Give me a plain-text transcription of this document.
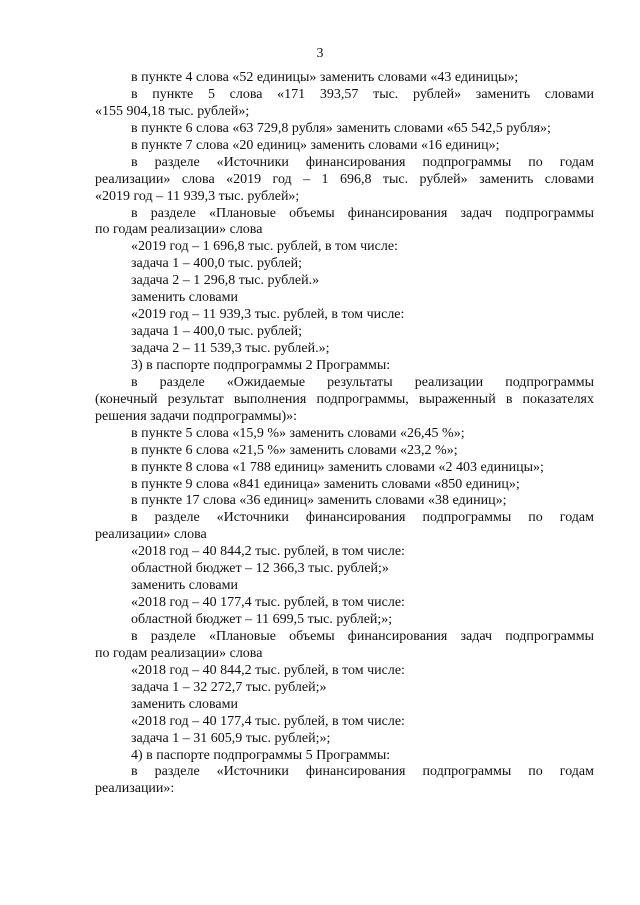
3
в пункте 4 слова «52 единицы» заменить словами «43 единицы»;
в пункте 5 слова «171 393,57 тыс. рублей» заменить словами
«155 904,18 тыс. рублей»;
в пункте 6 слова «63 729,8 рубля» заменить словами «65 542,5 рубля»;
в пункте 7 слова «20 единиц» заменить словами «16 единиц»;
в разделе «Источники финансирования подпрограммы по годам
реализации» слова «2019 год – 1 696,8 тыс. рублей» заменить словами
«2019 год – 11 939,3 тыс. рублей»;
в разделе «Плановые объемы финансирования задач подпрограммы
по годам реализации» слова
«2019 год – 1 696,8 тыс. рублей, в том числе:
задача 1 – 400,0 тыс. рублей;
задача 2 – 1 296,8 тыс. рублей.»
заменить словами
«2019 год – 11 939,3 тыс. рублей, в том числе:
задача 1 – 400,0 тыс. рублей;
задача 2 – 11 539,3 тыс. рублей.»;
3) в паспорте подпрограммы 2 Программы:
в разделе «Ожидаемые результаты реализации подпрограммы
(конечный результат выполнения подпрограммы, выраженный в показателях
решения задачи подпрограммы)»:
в пункте 5 слова «15,9 %» заменить словами «26,45 %»;
в пункте 6 слова «21,5 %» заменить словами «23,2 %»;
в пункте 8 слова «1 788 единиц» заменить словами «2 403 единицы»;
в пункте 9 слова «841 единица» заменить словами «850 единиц»;
в пункте 17 слова «36 единиц» заменить словами «38 единиц»;
в разделе «Источники финансирования подпрограммы по годам
реализации» слова
«2018 год – 40 844,2 тыс. рублей, в том числе:
областной бюджет – 12 366,3 тыс. рублей;»
заменить словами
«2018 год – 40 177,4 тыс. рублей, в том числе:
областной бюджет – 11 699,5 тыс. рублей;»;
в разделе «Плановые объемы финансирования задач подпрограммы
по годам реализации» слова
«2018 год – 40 844,2 тыс. рублей, в том числе:
задача 1 – 32 272,7 тыс. рублей;»
заменить словами
«2018 год – 40 177,4 тыс. рублей, в том числе:
задача 1 – 31 605,9 тыс. рублей;»;
4) в паспорте подпрограммы 5 Программы:
в разделе «Источники финансирования подпрограммы по годам
реализации»:
